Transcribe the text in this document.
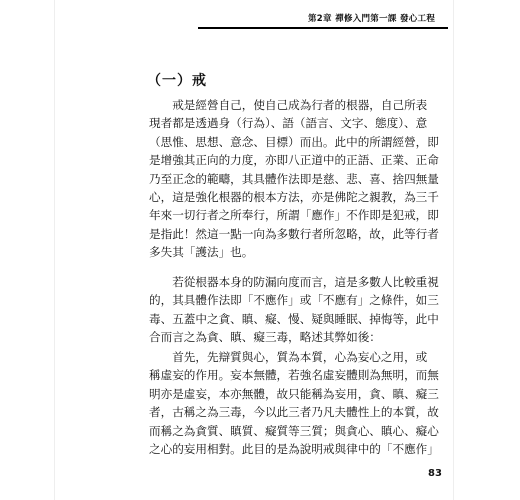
第2章 禪修入門第一課 發心工程
（一）戒

　　戒是經營自己，使自己成為行者的根器，自己所表
現者都是透過身（行為）、語（語言、文字、態度）、意
（思惟、思想、意念、目標）而出。此中的所謂經營，即
是增強其正向的力度，亦即八正道中的正語、正業、正命
乃至正念的範疇，其具體作法即是慈、悲、喜、捨四無量
心，這是強化根器的根本方法，亦是佛陀之親教，為三千
年來一切行者之所奉行，所謂「應作」不作即是犯戒，即
是指此！然這一點一向為多數行者所忽略，故，此等行者
多失其「護法」也。

　　若從根器本身的防漏向度而言，這是多數人比較重視
的，其具體作法即「不應作」或「不應有」之條件，如三
毒、五蓋中之貪、瞋、癡、慢、疑與睡眠、掉悔等，此中
合而言之為貪、瞋、癡三毒，略述其弊如後：

　　首先，先辯質與心，質為本質，心為妄心之用，或
稱虛妄的作用。妄本無體，若強名虛妄體則為無明，而無
明亦是虛妄，本亦無體，故只能稱為妄用，貪、瞋、癡三
者，古稱之為三毒，今以此三者乃凡夫體性上的本質，故
而稱之為貪質、瞋質、癡質等三質；與貪心、瞋心、癡心
之心的妄用相對。此目的是為說明戒與律中的「不應作」

83
